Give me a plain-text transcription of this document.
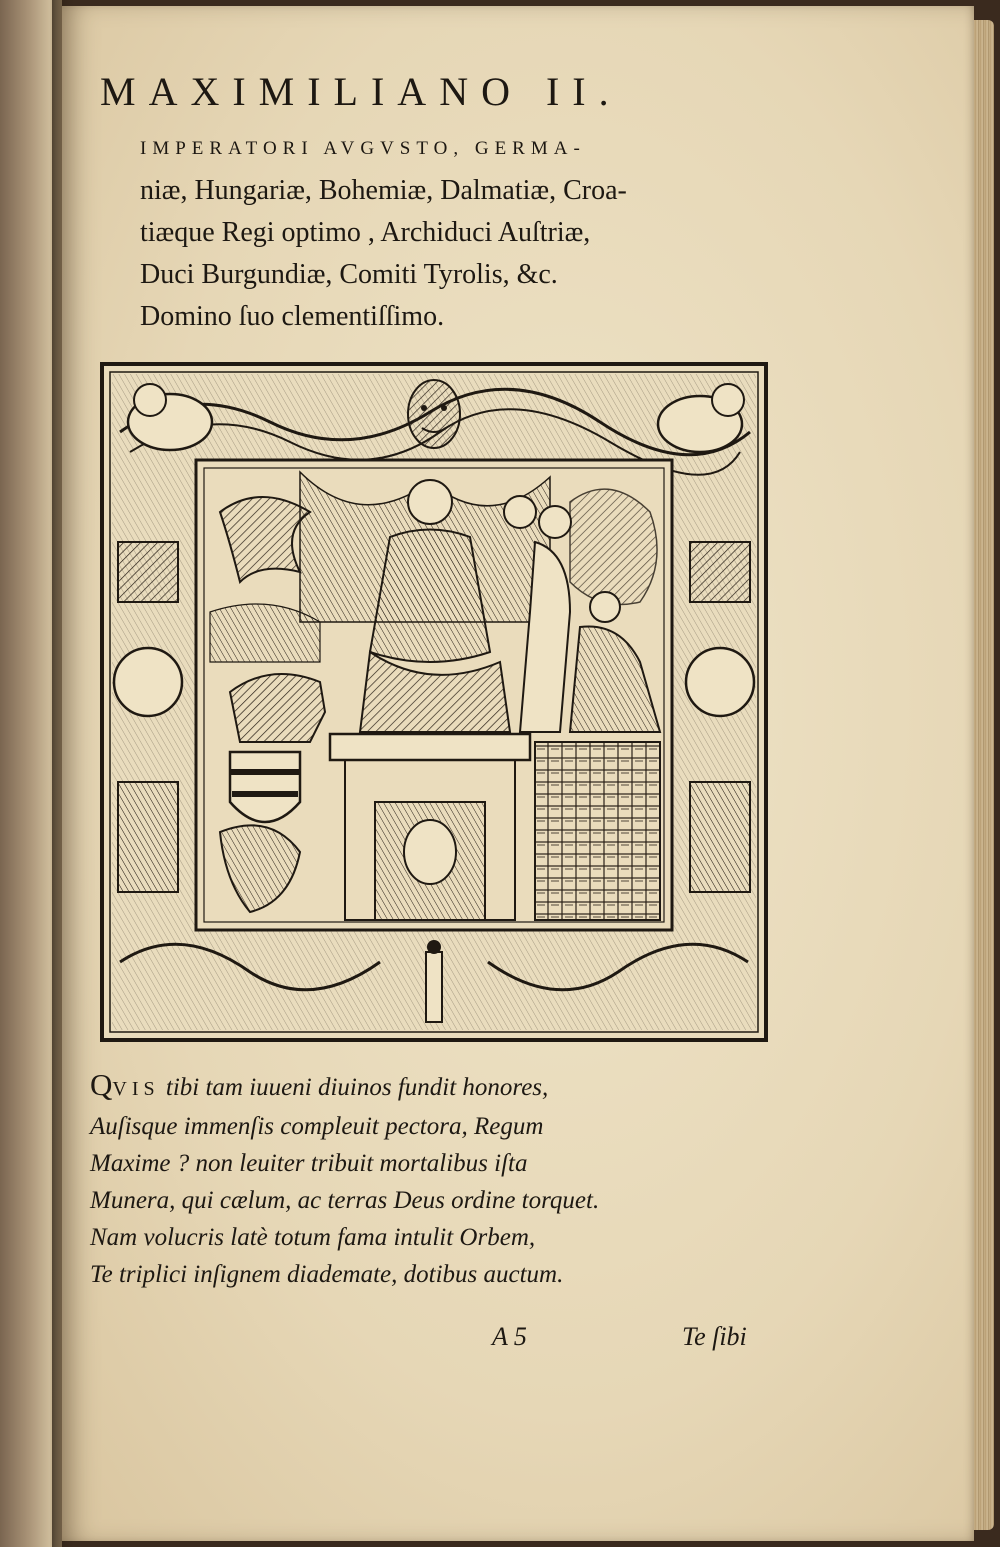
MAXIMILIANO II.
IMPERATORI AVGVSTO, GERMA-
niæ, Hungariæ, Bohemiæ, Dalmatiæ, Croa-
tiæque Regi optimo , Archiduci Auſtriæ,
Duci Burgundiæ, Comiti Tyrolis, &c.
Domino ſuo clementiſſimo.
QVIS tibi tam iuueni diuinos fundit honores,
Auſisque immenſis compleuit pectora, Regum
Maxime ? non leuiter tribuit mortalibus iſta
Munera, qui cælum, ac terras Deus ordine torquet.
Nam volucris latè totum fama intulit Orbem,
Te triplici inſignem diademate, dotibus auctum.
A 5	Te ſibi
